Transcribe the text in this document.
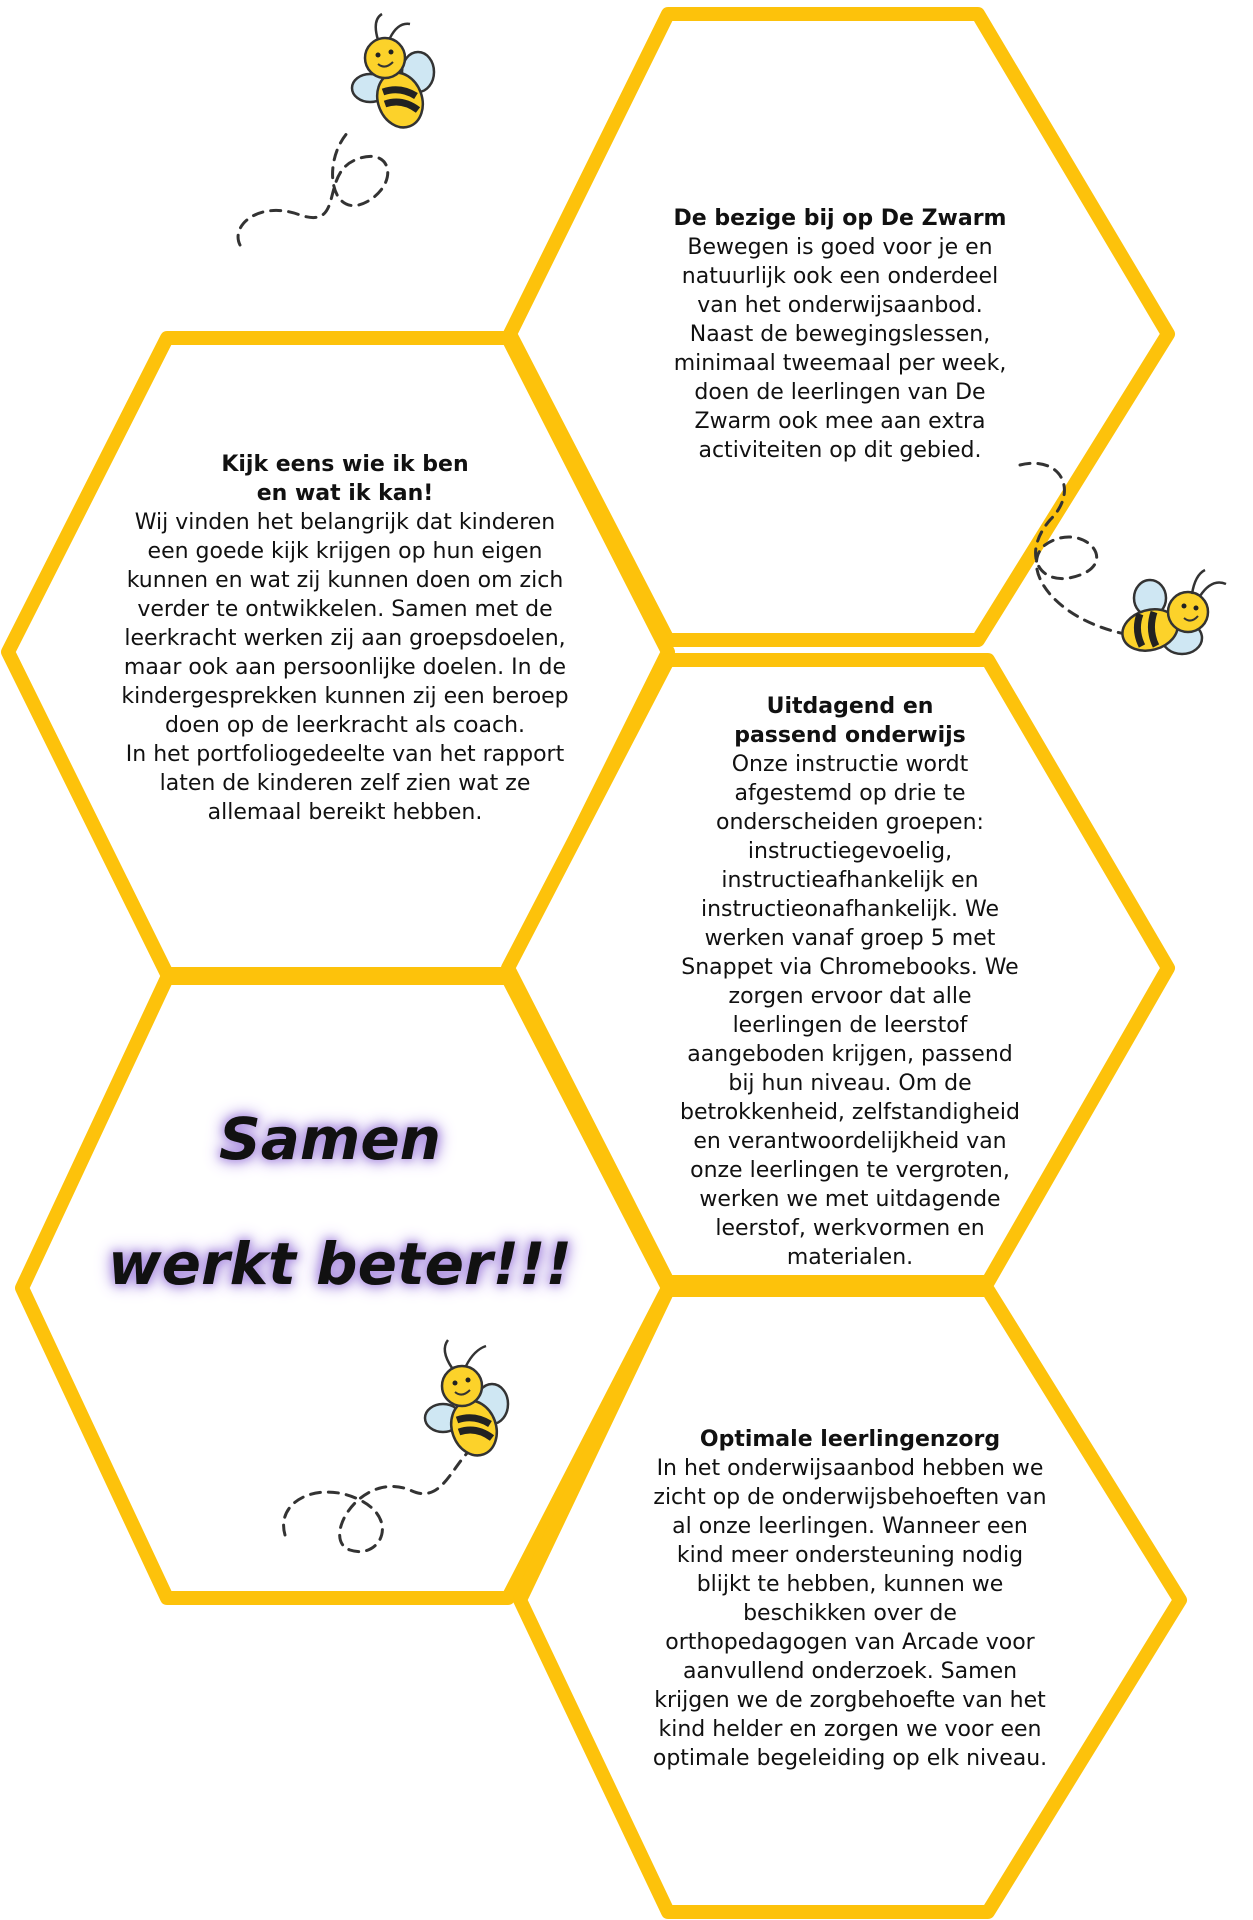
De bezige bij op De Zwarm

Bewegen is goed voor je en

natuurlijk ook een onderdeel

van het onderwijsaanbod.

Naast de bewegingslessen,

minimaal tweemaal per week,

doen de leerlingen van De

Zwarm ook mee aan extra

activiteiten op dit gebied.

Kijk eens wie ik ben

en wat ik kan!

Wij vinden het belangrijk dat kinderen

een goede kijk krijgen op hun eigen

kunnen en wat zij kunnen doen om zich

verder te ontwikkelen. Samen met de

leerkracht werken zij aan groepsdoelen,

maar ook aan persoonlijke doelen. In de

kindergesprekken kunnen zij een beroep

doen op de leerkracht als coach.

In het portfoliogedeelte van het rapport

laten de kinderen zelf zien wat ze

allemaal bereikt hebben.

Uitdagend en

passend onderwijs

Onze instructie wordt

afgestemd op drie te

onderscheiden groepen:

instructiegevoelig,

instructieafhankelijk en

instructieonafhankelijk. We

werken vanaf groep 5 met

Snappet via Chromebooks. We

zorgen ervoor dat alle

leerlingen de leerstof

aangeboden krijgen, passend

bij hun niveau. Om de

betrokkenheid, zelfstandigheid

en verantwoordelijkheid van

onze leerlingen te vergroten,

werken we met uitdagende

leerstof, werkvormen en

materialen.

Optimale leerlingenzorg

In het onderwijsaanbod hebben we

zicht op de onderwijsbehoeften van

al onze leerlingen. Wanneer een

kind meer ondersteuning nodig

blijkt te hebben, kunnen we

beschikken over de

orthopedagogen van Arcade voor

aanvullend onderzoek. Samen

krijgen we de zorgbehoefte van het

kind helder en zorgen we voor een

optimale begeleiding op elk niveau.

Samen
werkt beter!!!
